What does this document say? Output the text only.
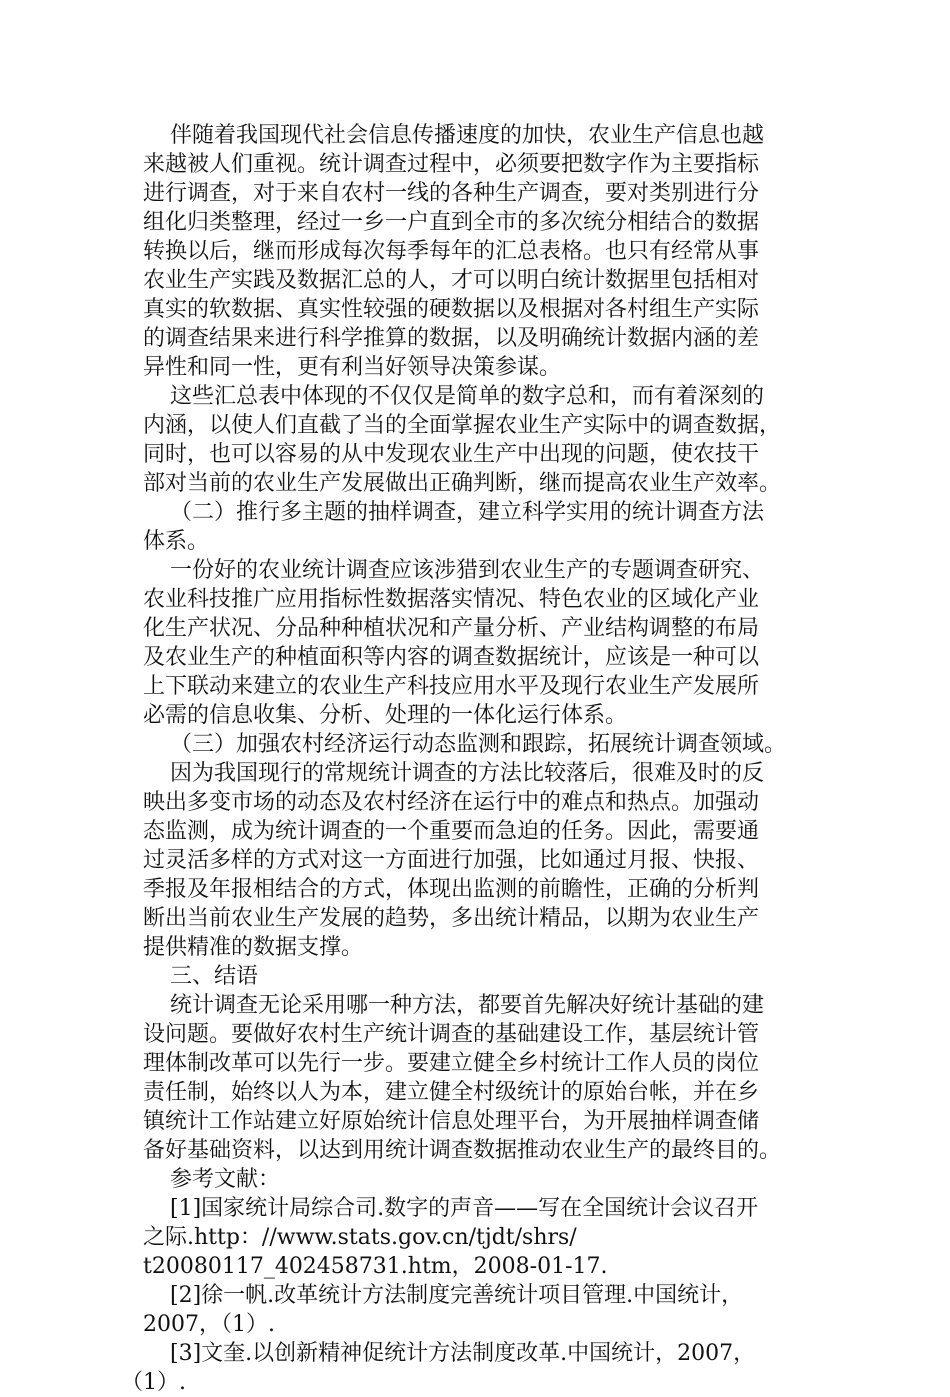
伴随着我国现代社会信息传播速度的加快，农业生产信息也越
来越被人们重视。统计调查过程中，必须要把数字作为主要指标
进行调查，对于来自农村一线的各种生产调查，要对类别进行分
组化归类整理，经过一乡一户直到全市的多次统分相结合的数据
转换以后，继而形成每次每季每年的汇总表格。也只有经常从事
农业生产实践及数据汇总的人，才可以明白统计数据里包括相对
真实的软数据、真实性较强的硬数据以及根据对各村组生产实际
的调查结果来进行科学推算的数据，以及明确统计数据内涵的差
异性和同一性，更有利当好领导决策参谋。
这些汇总表中体现的不仅仅是简单的数字总和，而有着深刻的
内涵，以使人们直截了当的全面掌握农业生产实际中的调查数据，
同时，也可以容易的从中发现农业生产中出现的问题，使农技干
部对当前的农业生产发展做出正确判断，继而提高农业生产效率。
（二）推行多主题的抽样调查，建立科学实用的统计调查方法
体系。
一份好的农业统计调查应该涉猎到农业生产的专题调查研究、
农业科技推广应用指标性数据落实情况、特色农业的区域化产业
化生产状况、分品种种植状况和产量分析、产业结构调整的布局
及农业生产的种植面积等内容的调查数据统计，应该是一种可以
上下联动来建立的农业生产科技应用水平及现行农业生产发展所
必需的信息收集、分析、处理的一体化运行体系。
（三）加强农村经济运行动态监测和跟踪，拓展统计调查领域。
因为我国现行的常规统计调查的方法比较落后，很难及时的反
映出多变市场的动态及农村经济在运行中的难点和热点。加强动
态监测，成为统计调查的一个重要而急迫的任务。因此，需要通
过灵活多样的方式对这一方面进行加强，比如通过月报、快报、
季报及年报相结合的方式，体现出监测的前瞻性，正确的分析判
断出当前农业生产发展的趋势，多出统计精品，以期为农业生产
提供精准的数据支撑。
三、结语
统计调查无论采用哪一种方法，都要首先解决好统计基础的建
设问题。要做好农村生产统计调查的基础建设工作，基层统计管
理体制改革可以先行一步。要建立健全乡村统计工作人员的岗位
责任制，始终以人为本，建立健全村级统计的原始台帐，并在乡
镇统计工作站建立好原始统计信息处理平台，为开展抽样调查储
备好基础资料，以达到用统计调查数据推动农业生产的最终目的。
参考文献：
[1]国家统计局综合司.数字的声音——写在全国统计会议召开
之际.http：//www.stats.gov.cn/tjdt/shrs/
t20080117_402458731.htm，2008-01-17.
[2]徐一帆.改革统计方法制度完善统计项目管理.中国统计，
2007，（1）.
[3]文奎.以创新精神促统计方法制度改革.中国统计，2007，
（1）.
